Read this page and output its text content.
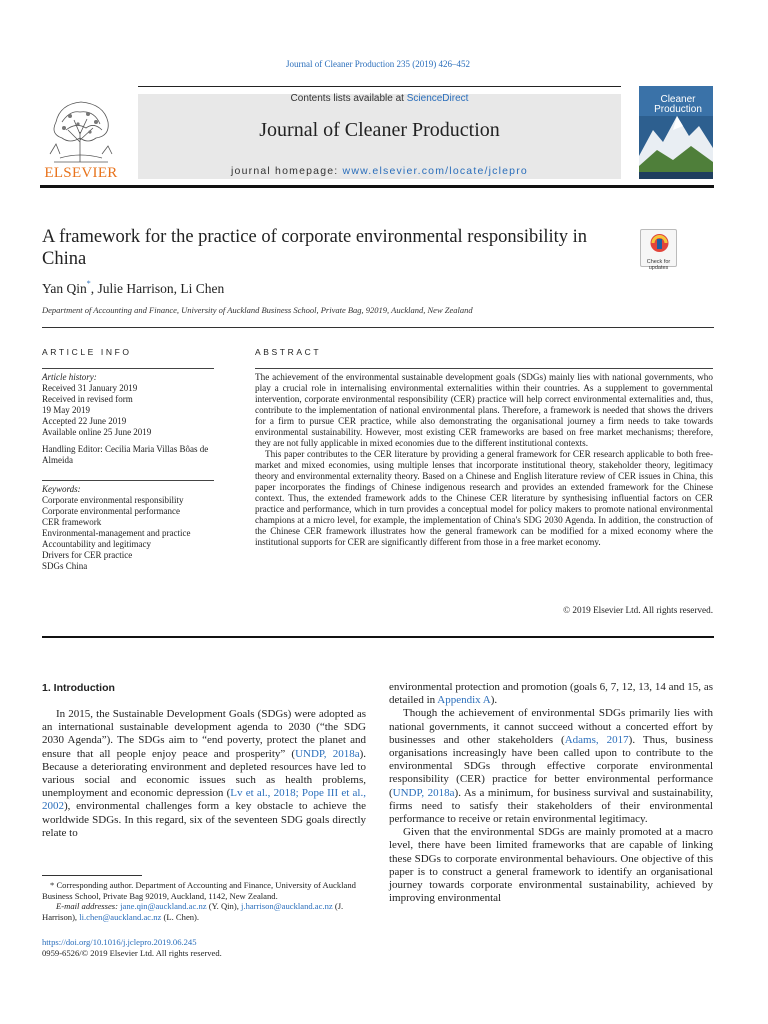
Journal of Cleaner Production 235 (2019) 426–452
ELSEVIER
Contents lists available at ScienceDirect
Journal of Cleaner Production
journal homepage: www.elsevier.com/locate/jclepro
Cleaner
Production
A framework for the practice of corporate environmental responsibility in China	Check for updates
Yan Qin*, Julie Harrison, Li Chen
Department of Accounting and Finance, University of Auckland Business School, Private Bag, 92019, Auckland, New Zealand
ARTICLE INFO
Article history:
Received 31 January 2019
Received in revised form
19 May 2019
Accepted 22 June 2019
Available online 25 June 2019
Handling Editor: Cecilia Maria Villas Bôas de Almeida
Keywords:
Corporate environmental responsibility
Corporate environmental performance
CER framework
Environmental-management and practice
Accountability and legitimacy
Drivers for CER practice
SDGs China
ABSTRACT

The achievement of the environmental sustainable development goals (SDGs) mainly lies with national governments, who play a crucial role in internalising environmental externalities within their countries. As a supplement to governmental intervention, corporate environmental responsibility (CER) practice will help correct environmental externalities and, thus, contribute to the implementation of national environmental plans. Therefore, a framework is needed that shows the drivers for a firm to pursue CER practice, while also demonstrating the organisational journey a firm needs to take towards environmental sustainability. However, most existing CER frameworks are based on free market mechanisms; therefore, they are not fully applicable in mixed economies due to the different institutional contexts.

This paper contributes to the CER literature by providing a general framework for CER research applicable to both free-market and mixed economies, using multiple lenses that incorporate institutional theory, stakeholder theory, legitimacy theory and environmental externality theory. Based on a Chinese and English literature review of CER issues in China, this paper incorporates the findings of Chinese indigenous research and provides an extended framework for the Chinese context. Thus, the extended framework adds to the Chinese CER literature by synthesising influential factors on CER practice and performance, which in turn provides a conceptual model for policy makers to promote national environmental champions at a micro level, for example, the implementation of China's SDG 2030 Agenda. In addition, the construction of the Chinese CER framework illustrates how the general framework can be modified for a mixed economy where the institutional supports for CER are significantly different from those in a free market economy.

© 2019 Elsevier Ltd. All rights reserved.
1. Introduction

In 2015, the Sustainable Development Goals (SDGs) were adopted as an international sustainable development agenda to 2030 (“the SDG 2030 Agenda”). The SDGs aim to “end poverty, protect the planet and ensure that all people enjoy peace and prosperity” (UNDP, 2018a). Because a deteriorating environment and depleted resources have led to various social and economic issues such as health problems, unemployment and economic depression (Lv et al., 2018; Pope III et al., 2002), environmental challenges form a key obstacle to achieve the worldwide SDGs. In this regard, six of the seventeen SDG goals directly relate to

environmental protection and promotion (goals 6, 7, 12, 13, 14 and 15, as detailed in Appendix A).

Though the achievement of environmental SDGs primarily lies with national governments, it cannot succeed without a concerted effort by businesses and other stakeholders (Adams, 2017). Thus, business organisations increasingly have been called upon to contribute to the environmental SDGs through effective corporate environmental responsibility (CER) practice for better environmental performance (UNDP, 2018a). As a minimum, for business survival and sustainability, firms need to satisfy their stakeholders of their environmental performance to receive or retain environmental legitimacy.

Given that the environmental SDGs are mainly promoted at a macro level, there have been limited frameworks that are capable of linking these SDGs to corporate environmental behaviours. One objective of this paper is to construct a general framework to identify an organisational journey towards corporate environmental sustainability, achieved by improving environmental

* Corresponding author. Department of Accounting and Finance, University of Auckland Business School, Private Bag 92019, Auckland, 1142, New Zealand.
E-mail addresses: jane.qin@auckland.ac.nz (Y. Qin), j.harrison@auckland.ac.nz (J. Harrison), li.chen@auckland.ac.nz (L. Chen).
https://doi.org/10.1016/j.jclepro.2019.06.245
0959-6526/© 2019 Elsevier Ltd. All rights reserved.
